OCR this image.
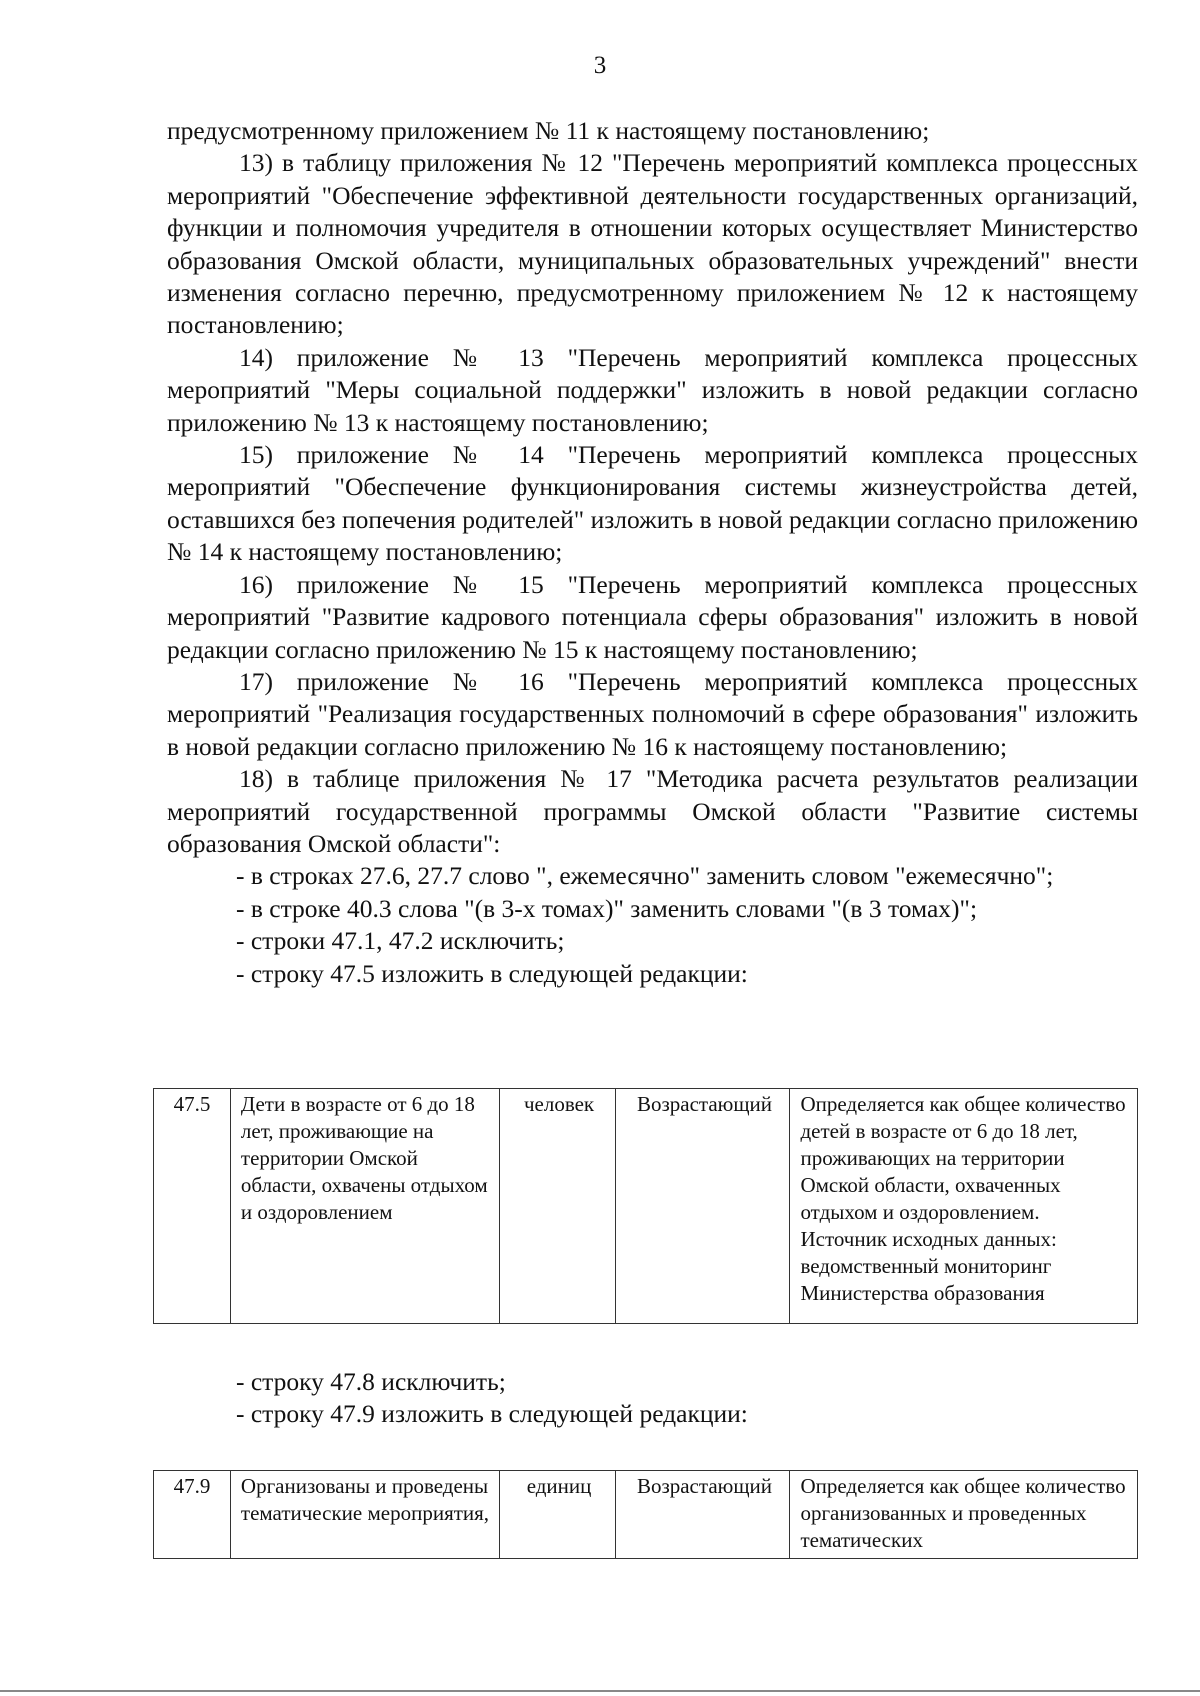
3

предусмотренному приложением № 11 к настоящему постановлению;

13) в таблицу приложения № 12 "Перечень мероприятий комплекса процессных мероприятий "Обеспечение эффективной деятельности государственных организаций, функции и полномочия учредителя в отношении которых осуществляет Министерство образования Омской области, муниципальных образовательных учреждений" внести изменения согласно перечню, предусмотренному приложением № 12 к настоящему постановлению;

14) приложение № 13 "Перечень мероприятий комплекса процессных мероприятий "Меры социальной поддержки" изложить в новой редакции согласно приложению № 13 к настоящему постановлению;

15) приложение № 14 "Перечень мероприятий комплекса процессных мероприятий "Обеспечение функционирования системы жизнеустройства детей, оставшихся без попечения родителей" изложить в новой редакции согласно приложению № 14 к настоящему постановлению;

16) приложение № 15 "Перечень мероприятий комплекса процессных мероприятий "Развитие кадрового потенциала сферы образования" изложить в новой редакции согласно приложению № 15 к настоящему постановлению;

17) приложение № 16 "Перечень мероприятий комплекса процессных мероприятий "Реализация государственных полномочий в сфере образования" изложить в новой редакции согласно приложению № 16 к настоящему постановлению;

18) в таблице приложения № 17 "Методика расчета результатов реализации мероприятий государственной программы Омской области "Развитие системы образования Омской области":

- в строках 27.6, 27.7 слово ", ежемесячно" заменить словом "ежемесячно";

- в строке 40.3 слова "(в 3-х томах)" заменить словами "(в 3 томах)";

- строки 47.1, 47.2 исключить;

- строку 47.5 изложить в следующей редакции:

47.5	Дети в возрасте от 6 до 18 лет, проживающие на территории Омской области, охвачены отдыхом и оздоровлением	человек	Возрастающий	Определяется как общее количество детей в возрасте от 6 до 18 лет, проживающих на территории Омской области, охваченных отдыхом и оздоровлением. Источник исходных данных: ведомственный мониторинг Министерства образования

- строку 47.8 исключить;

- строку 47.9 изложить в следующей редакции:

47.9	Организованы и проведены тематические мероприятия,	единиц	Возрастающий	Определяется как общее количество организованных и проведенных тематических
